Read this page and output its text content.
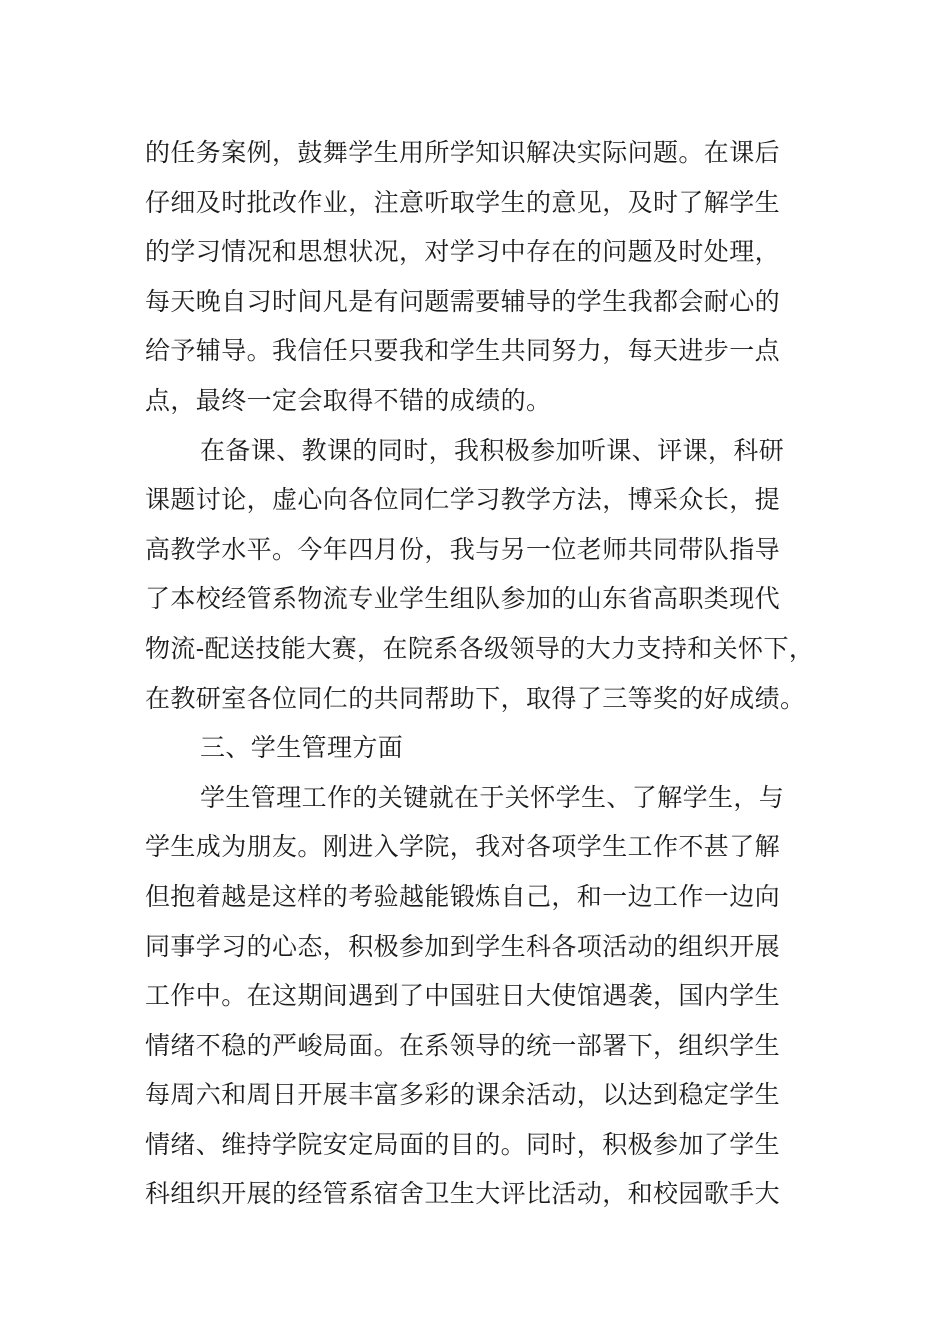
的任务案例，鼓舞学生用所学知识解决实际问题。在课后
仔细及时批改作业，注意听取学生的意见，及时了解学生
的学习情况和思想状况，对学习中存在的问题及时处理，
每天晚自习时间凡是有问题需要辅导的学生我都会耐心的
给予辅导。我信任只要我和学生共同努力，每天进步一点
点，最终一定会取得不错的成绩的。
在备课、教课的同时，我积极参加听课、评课，科研
课题讨论，虚心向各位同仁学习教学方法，博采众长，提
高教学水平。今年四月份，我与另一位老师共同带队指导
了本校经管系物流专业学生组队参加的山东省高职类现代
物流-配送技能大赛，在院系各级领导的大力支持和关怀下，
在教研室各位同仁的共同帮助下，取得了三等奖的好成绩。
三、学生管理方面
学生管理工作的关键就在于关怀学生、了解学生，与
学生成为朋友。刚进入学院，我对各项学生工作不甚了解
但抱着越是这样的考验越能锻炼自己，和一边工作一边向
同事学习的心态，积极参加到学生科各项活动的组织开展
工作中。在这期间遇到了中国驻日大使馆遇袭，国内学生
情绪不稳的严峻局面。在系领导的统一部署下，组织学生
每周六和周日开展丰富多彩的课余活动，以达到稳定学生
情绪、维持学院安定局面的目的。同时，积极参加了学生
科组织开展的经管系宿舍卫生大评比活动，和校园歌手大
